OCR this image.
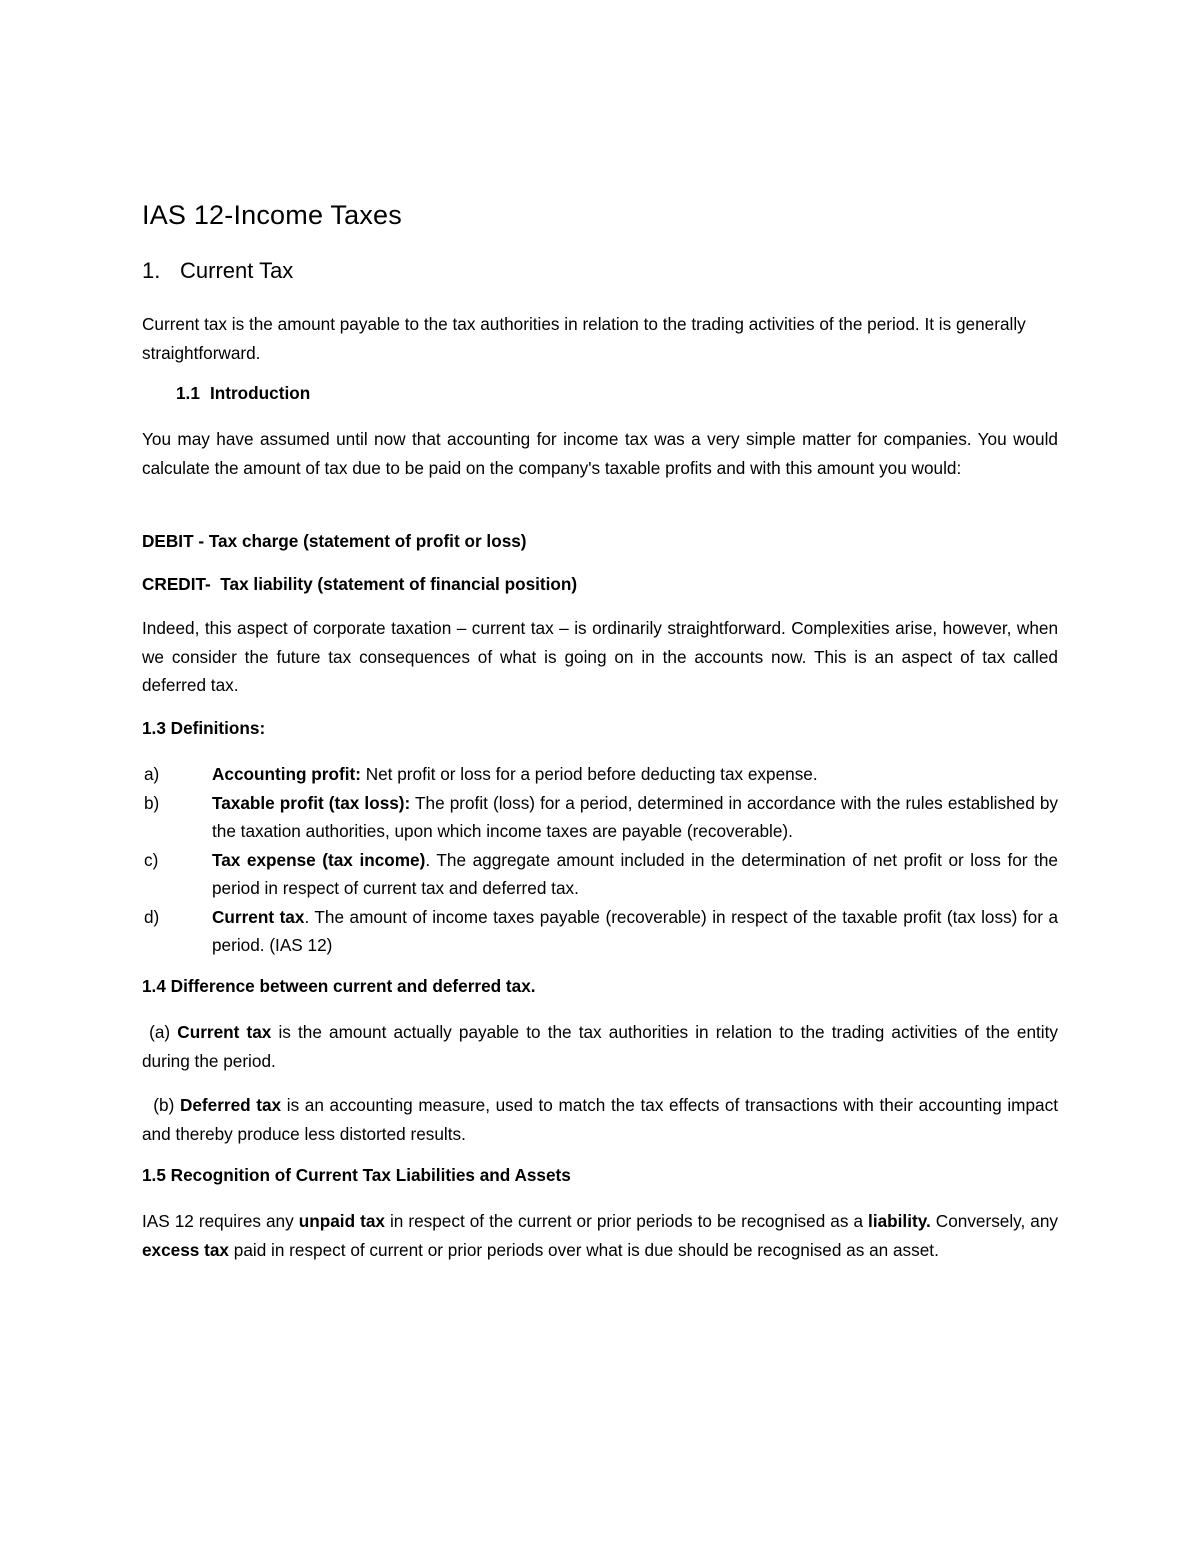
IAS 12-Income Taxes
1. Current Tax

Current tax is the amount payable to the tax authorities in relation to the trading activities of the period. It is generally straightforward.

1.1 Introduction

You may have assumed until now that accounting for income tax was a very simple matter for companies. You would calculate the amount of tax due to be paid on the company's taxable profits and with this amount you would:

DEBIT - Tax charge (statement of profit or loss)

CREDIT-  Tax liability (statement of financial position)

Indeed, this aspect of corporate taxation – current tax – is ordinarily straightforward. Complexities arise, however, when we consider the future tax consequences of what is going on in the accounts now. This is an aspect of tax called deferred tax.

1.3 Definitions:

a)	Accounting profit: Net profit or loss for a period before deducting tax expense.
b)	Taxable profit (tax loss): The profit (loss) for a period, determined in accordance with the rules established by the taxation authorities, upon which income taxes are payable (recoverable).
c)	Tax expense (tax income). The aggregate amount included in the determination of net profit or loss for the period in respect of current tax and deferred tax.
d)	Current tax. The amount of income taxes payable (recoverable) in respect of the taxable profit (tax loss) for a period. (IAS 12)

1.4 Difference between current and deferred tax.

(a) Current tax is the amount actually payable to the tax authorities in relation to the trading activities of the entity during the period.

(b) Deferred tax is an accounting measure, used to match the tax effects of transactions with their accounting impact and thereby produce less distorted results.

1.5 Recognition of Current Tax Liabilities and Assets

IAS 12 requires any unpaid tax in respect of the current or prior periods to be recognised as a liability. Conversely, any excess tax paid in respect of current or prior periods over what is due should be recognised as an asset.
